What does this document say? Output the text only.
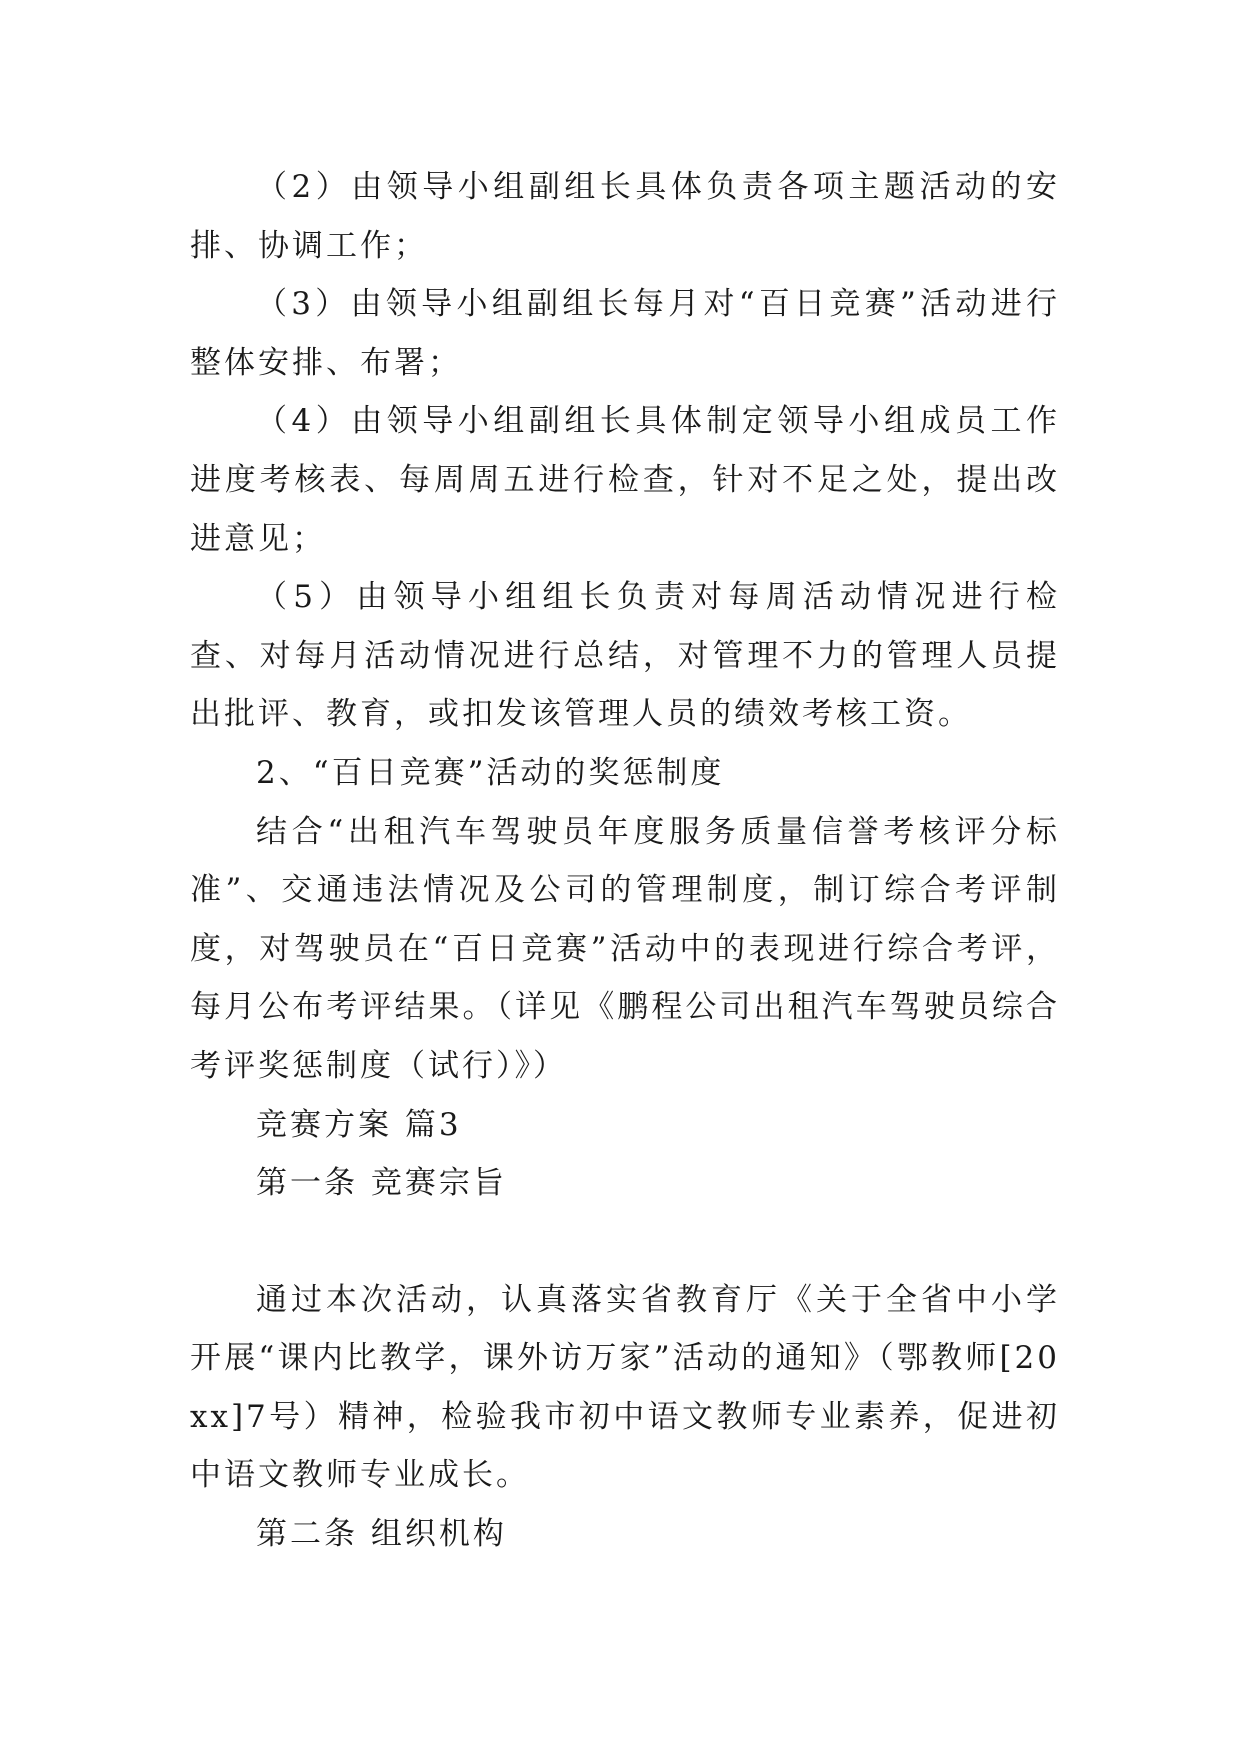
（2）由领导小组副组长具体负责各项主题活动的安排、协调工作；

（3）由领导小组副组长每月对“百日竞赛”活动进行整体安排、布署；

（4）由领导小组副组长具体制定领导小组成员工作进度考核表、每周周五进行检查，针对不足之处，提出改进意见；

（5）由领导小组组长负责对每周活动情况进行检查、对每月活动情况进行总结，对管理不力的管理人员提出批评、教育，或扣发该管理人员的绩效考核工资。

2、“百日竞赛”活动的奖惩制度

结合“出租汽车驾驶员年度服务质量信誉考核评分标准”、交通违法情况及公司的管理制度，制订综合考评制度，对驾驶员在“百日竞赛”活动中的表现进行综合考评，每月公布考评结果。（详见《鹏程公司出租汽车驾驶员综合考评奖惩制度（试行）》）

竞赛方案 篇3

第一条 竞赛宗旨

通过本次活动，认真落实省教育厅《关于全省中小学开展“课内比教学，课外访万家”活动的通知》（鄂教师[20xx]7号）精神，检验我市初中语文教师专业素养，促进初中语文教师专业成长。

第二条 组织机构
